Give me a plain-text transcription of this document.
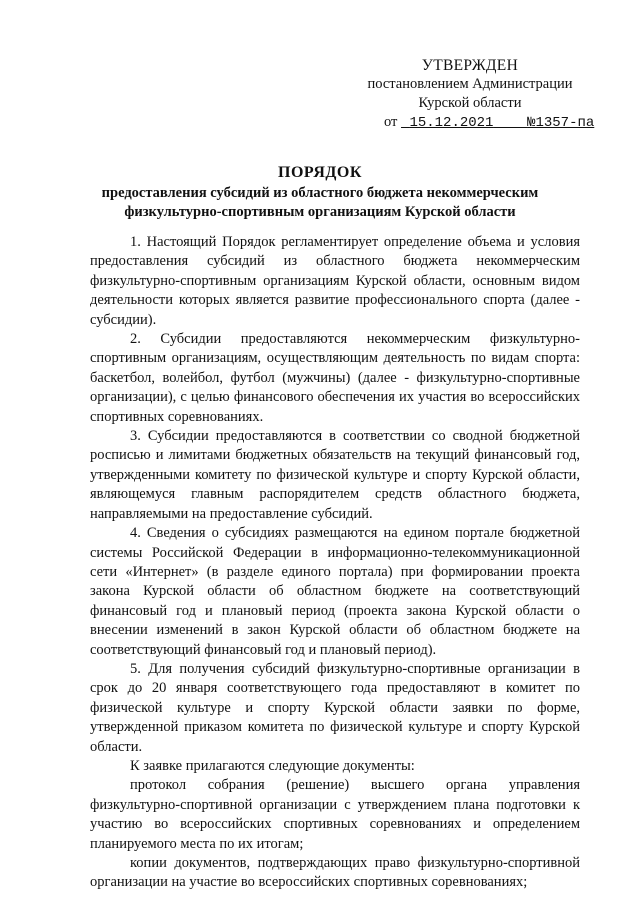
УТВЕРЖДЕН
постановлением Администрации
Курской области
от 15.12.2021 №1357-па
ПОРЯДОК
предоставления субсидий из областного бюджета некоммерческим
физкультурно-спортивным организациям Курской области

1. Настоящий Порядок регламентирует определение объема и условия предоставления субсидий из областного бюджета некоммерческим физкультурно-спортивным организациям Курской области, основным видом деятельности которых является развитие профессионального спорта (далее - субсидии).

2. Субсидии предоставляются некоммерческим физкультурно-спортивным организациям, осуществляющим деятельность по видам спорта: баскетбол, волейбол, футбол (мужчины) (далее - физкультурно-спортивные организации), с целью финансового обеспечения их участия во всероссийских спортивных соревнованиях.

3. Субсидии предоставляются в соответствии со сводной бюджетной росписью и лимитами бюджетных обязательств на текущий финансовый год, утвержденными комитету по физической культуре и спорту Курской области, являющемуся главным распорядителем средств областного бюджета, направляемыми на предоставление субсидий.

4. Сведения о субсидиях размещаются на едином портале бюджетной системы Российской Федерации в информационно-телекоммуникационной сети «Интернет» (в разделе единого портала) при формировании проекта закона Курской области об областном бюджете на соответствующий финансовый год и плановый период (проекта закона Курской области о внесении изменений в закон Курской области об областном бюджете на соответствующий финансовый год и плановый период).

5. Для получения субсидий физкультурно-спортивные организации в срок до 20 января соответствующего года предоставляют в комитет по физической культуре и спорту Курской области заявки по форме, утвержденной приказом комитета по физической культуре и спорту Курской области.

К заявке прилагаются следующие документы:

протокол собрания (решение) высшего органа управления физкультурно-спортивной организации с утверждением плана подготовки к участию во всероссийских спортивных соревнованиях и определением планируемого места по их итогам;

копии документов, подтверждающих право физкультурно-спортивной организации на участие во всероссийских спортивных соревнованиях;
